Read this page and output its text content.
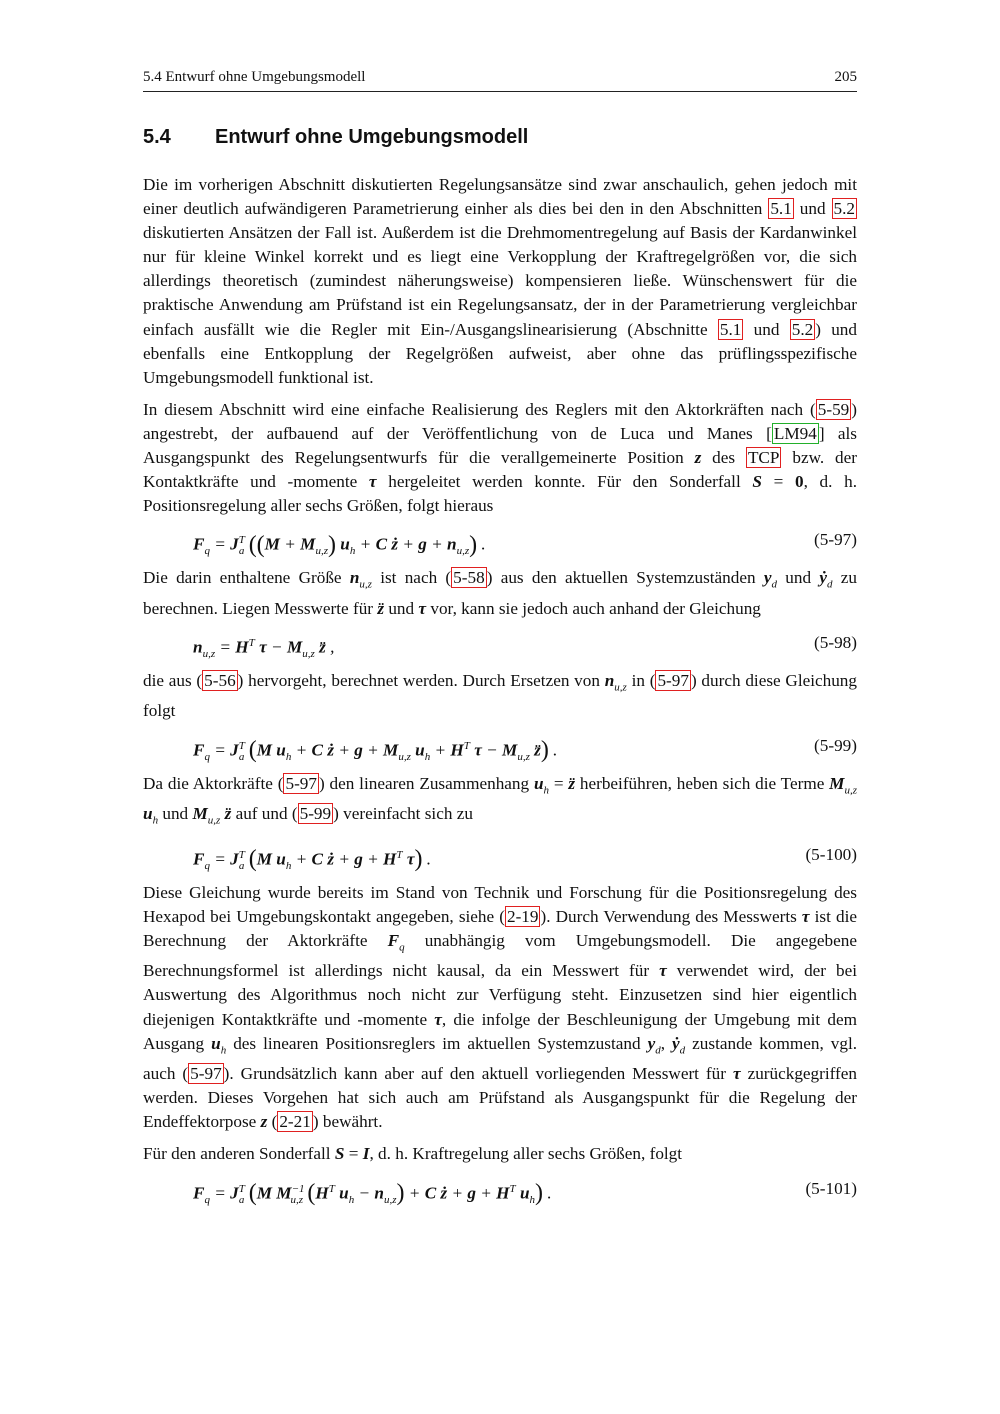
5.4 Entwurf ohne Umgebungsmodell	205
5.4 Entwurf ohne Umgebungsmodell

Die im vorherigen Abschnitt diskutierten Regelungsansätze sind zwar anschaulich, gehen jedoch mit einer deutlich aufwändigeren Parametrierung einher als dies bei den in den Abschnitten 5.1 und 5.2 diskutierten Ansätzen der Fall ist. Außerdem ist die Drehmomentregelung auf Basis der Kardanwinkel nur für kleine Winkel korrekt und es liegt eine Verkopplung der Kraftregelgrößen vor, die sich allerdings theoretisch (zumindest näherungsweise) kompensieren ließe. Wünschenswert für die praktische Anwendung am Prüfstand ist ein Regelungsansatz, der in der Parametrierung vergleichbar einfach ausfällt wie die Regler mit Ein-/Ausgangslinearisierung (Abschnitte 5.1 und 5.2 ) und ebenfalls eine Entkopplung der Regelgrößen aufweist, aber ohne das prüflingsspezifische Umgebungsmodell funktional ist.

In diesem Abschnitt wird eine einfache Realisierung des Reglers mit den Aktorkräften nach ( 5-59 ) angestrebt, der aufbauend auf der Veröffentlichung von de Luca und Manes [ LM94 ] als Ausgangspunkt des Regelungsentwurfs für die verallgemeinerte Position z des TCP bzw. der Kontaktkräfte und -momente τ hergeleitet werden konnte. Für den Sonderfall S = 0, d. h. Positionsregelung aller sechs Größen, folgt hieraus

$F_q = J^T_a$ ($(M + M_{u,z})$ $u_h + C$ ż + $g + n_{u,z}$) .	(5-97)

Die darin enthaltene Größe $n_{u,z}$ ist nach ( 5-58 ) aus den aktuellen Systemzuständen $y_d$ und ẏ$_d$ zu berechnen. Liegen Messwerte für z̈ und τ vor, kann sie jedoch auch anhand der Gleichung

$n_{u,z} = H^T$ $\tau - M_{u,z}$ z̈ ,	(5-98)

die aus ( 5-56 ) hervorgeht, berechnet werden. Durch Ersetzen von $n_{u,z}$ in ( 5-97 ) durch diese Gleichung folgt

$F_q = J^T_a$ (M $u_h + C$ ż + $g + M_{u,z}$ $u_h + H^T$ $\tau - M_{u,z}$ z̈) .	(5-99)

Da die Aktorkräfte ( 5-97 ) den linearen Zusammenhang $u_h$ = z̈ herbeiführen, heben sich die Terme $M_{u,z}$ $u_h$ und $M_{u,z}$ z̈ auf und ( 5-99 ) vereinfacht sich zu

$F_q = J^T_a$ (M $u_h + C$ ż + $g + H^T$ τ) .	(5-100)

Diese Gleichung wurde bereits im Stand von Technik und Forschung für die Positionsregelung des Hexapod bei Umgebungskontakt angegeben, siehe ( 2-19 ). Durch Verwendung des Messwerts τ ist die Berechnung der Aktorkräfte $F_q$ unabhängig vom Umgebungsmodell. Die angegebene Berechnungsformel ist allerdings nicht kausal, da ein Messwert für τ verwendet wird, der bei Auswertung des Algorithmus noch nicht zur Verfügung steht. Einzusetzen sind hier eigentlich diejenigen Kontaktkräfte und -momente τ, die infolge der Beschleunigung der Umgebung mit dem Ausgang $u_h$ des linearen Positionsreglers im aktuellen Systemzustand $y_d$, ẏ$_d$ zustande kommen, vgl. auch ( 5-97 ). Grundsätzlich kann aber auf den aktuell vorliegenden Messwert für τ zurückgegriffen werden. Dieses Vorgehen hat sich auch am Prüfstand als Ausgangspunkt für die Regelung der Endeffektorpose z ( 2-21 ) bewährt.

Für den anderen Sonderfall S = I, d. h. Kraftregelung aller sechs Größen, folgt

$F_q = J^T_a$ (M $M^{-1}_{u,z}$ ($H^T$ $u_h - n_{u,z}) + C$ ż + $g + H^T$ $u_h$) .	(5-101)
